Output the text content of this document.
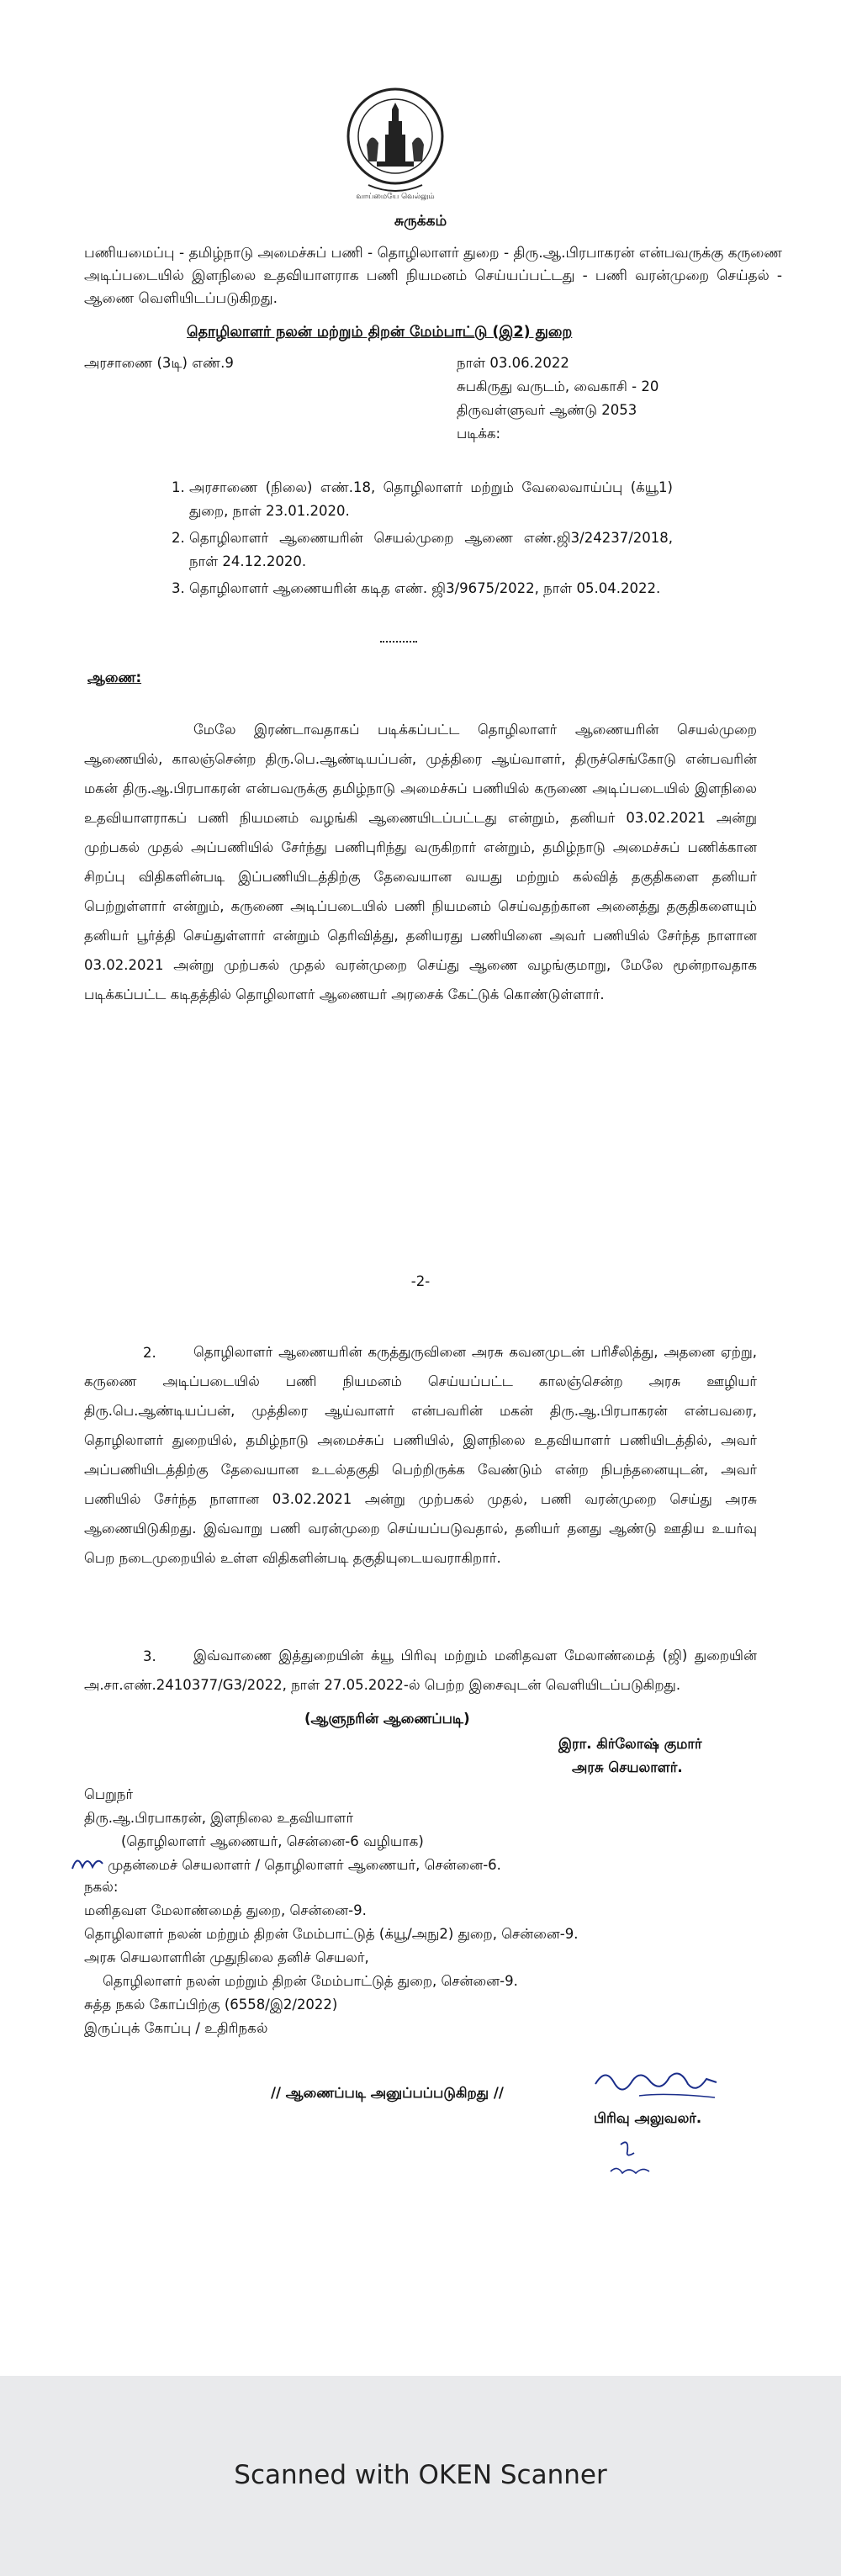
வாய்மையே வெல்லும்
சுருக்கம்
பணியமைப்பு - தமிழ்நாடு அமைச்சுப் பணி - தொழிலாளர் துறை - திரு.ஆ.பிரபாகரன் என்பவருக்கு கருணை அடிப்படையில் இளநிலை உதவியாளராக பணி நியமனம் செய்யப்பட்டது - பணி வரன்முறை செய்தல் - ஆணை வெளியிடப்படுகிறது.
தொழிலாளர் நலன் மற்றும் திறன் மேம்பாட்டு (இ2) துறை
அரசாணை (3டி) எண்.9	நாள் 03.06.2022
சுபகிருது வருடம், வைகாசி - 20
திருவள்ளுவர் ஆண்டு 2053
படிக்க:
1. அரசாணை (நிலை) எண்.18, தொழிலாளர் மற்றும் வேலைவாய்ப்பு (க்யூ1) துறை, நாள் 23.01.2020.
2. தொழிலாளர் ஆணையரின் செயல்முறை ஆணை எண்.ஜி3/24237/2018, நாள் 24.12.2020.
3. தொழிலாளர் ஆணையரின் கடித எண். ஜி3/9675/2022, நாள் 05.04.2022.
ஆணை:
மேலே இரண்டாவதாகப் படிக்கப்பட்ட தொழிலாளர் ஆணையரின் செயல்முறை ஆணையில், காலஞ்சென்ற திரு.பெ.ஆண்டியப்பன், முத்திரை ஆய்வாளர், திருச்செங்கோடு என்பவரின் மகன் திரு.ஆ.பிரபாகரன் என்பவருக்கு தமிழ்நாடு அமைச்சுப் பணியில் கருணை அடிப்படையில் இளநிலை உதவியாளராகப் பணி நியமனம் வழங்கி ஆணையிடப்பட்டது என்றும், தனியர் 03.02.2021 அன்று முற்பகல் முதல் அப்பணியில் சேர்ந்து பணிபுரிந்து வருகிறார் என்றும், தமிழ்நாடு அமைச்சுப் பணிக்கான சிறப்பு விதிகளின்படி இப்பணியிடத்திற்கு தேவையான வயது மற்றும் கல்வித் தகுதிகளை தனியர் பெற்றுள்ளார் என்றும், கருணை அடிப்படையில் பணி நியமனம் செய்வதற்கான அனைத்து தகுதிகளையும் தனியர் பூர்த்தி செய்துள்ளார் என்றும் தெரிவித்து, தனியரது பணியினை அவர் பணியில் சேர்ந்த நாளான 03.02.2021 அன்று முற்பகல் முதல் வரன்முறை செய்து ஆணை வழங்குமாறு, மேலே மூன்றாவதாக படிக்கப்பட்ட கடிதத்தில் தொழிலாளர் ஆணையர் அரசைக் கேட்டுக் கொண்டுள்ளார்.
-2-
2.	தொழிலாளர் ஆணையரின் கருத்துருவினை அரசு கவனமுடன் பரிசீலித்து, அதனை ஏற்று, கருணை அடிப்படையில் பணி நியமனம் செய்யப்பட்ட காலஞ்சென்ற அரசு ஊழியர் திரு.பெ.ஆண்டியப்பன், முத்திரை ஆய்வாளர் என்பவரின் மகன் திரு.ஆ.பிரபாகரன் என்பவரை, தொழிலாளர் துறையில், தமிழ்நாடு அமைச்சுப் பணியில், இளநிலை உதவியாளர் பணியிடத்தில், அவர் அப்பணியிடத்திற்கு தேவையான உடல்தகுதி பெற்றிருக்க வேண்டும் என்ற நிபந்தனையுடன், அவர் பணியில் சேர்ந்த நாளான 03.02.2021 அன்று முற்பகல் முதல், பணி வரன்முறை செய்து அரசு ஆணையிடுகிறது. இவ்வாறு பணி வரன்முறை செய்யப்படுவதால், தனியர் தனது ஆண்டு ஊதிய உயர்வு பெற நடைமுறையில் உள்ள விதிகளின்படி தகுதியுடையவராகிறார்.
3.	இவ்வாணை இத்துறையின் க்யூ பிரிவு மற்றும் மனிதவள மேலாண்மைத் (ஜி) துறையின் அ.சா.எண்.2410377/G3/2022, நாள் 27.05.2022-ல் பெற்ற இசைவுடன் வெளியிடப்படுகிறது.
(ஆளுநரின் ஆணைப்படி)
இரா. கிர்லோஷ் குமார்
அரசு செயலாளர்.
பெறுநர்
திரு.ஆ.பிரபாகரன், இளநிலை உதவியாளர்
(தொழிலாளர் ஆணையர், சென்னை-6 வழியாக)
முதன்மைச் செயலாளர் / தொழிலாளர் ஆணையர், சென்னை-6.
நகல்:
மனிதவள மேலாண்மைத் துறை, சென்னை-9.
தொழிலாளர் நலன் மற்றும் திறன் மேம்பாட்டுத் (க்யூ/அநு2) துறை, சென்னை-9.
அரசு செயலாளரின் முதுநிலை தனிச் செயலர்,
தொழிலாளர் நலன் மற்றும் திறன் மேம்பாட்டுத் துறை, சென்னை-9.
சுத்த நகல் கோப்பிற்கு (6558/இ2/2022)
இருப்புக் கோப்பு / உதிரிநகல்
// ஆணைப்படி அனுப்பப்படுகிறது //
பிரிவு அலுவலர்.
Scanned with OKEN Scanner
